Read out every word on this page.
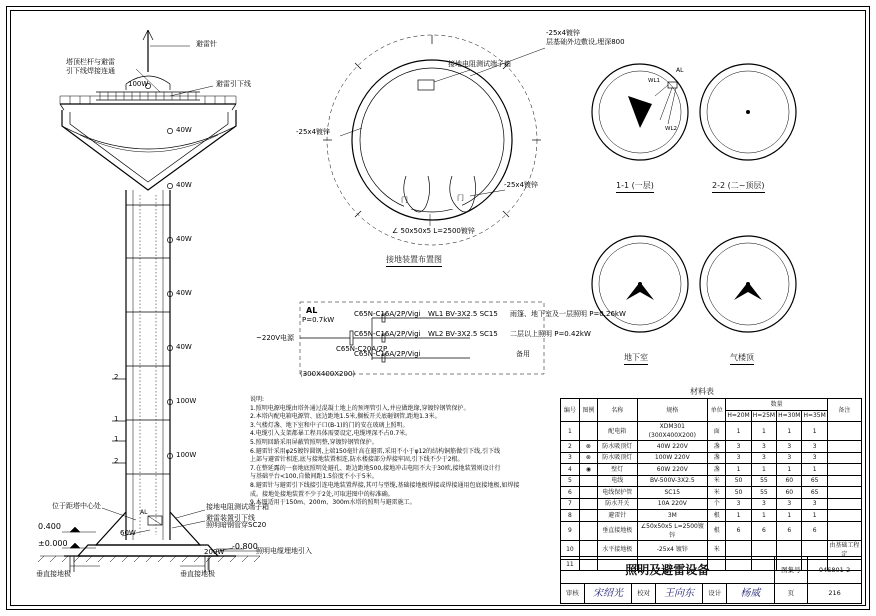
AL
避雷针
避雷引下线
100W
塔顶栏杆与避雷
引下线焊接连通
40W
40W
40W
40W
40W
100W
100W
2
2
1
1
位于距塔中心处
60W
接地电阻测试端子箱
避雷装置引下线
照明暗钢管穿SC20
0.400
±0.000	-0.800
200W
垂直接地极	垂直接地极
照明电缆埋地引入
-25x4镀锌
层基础外边敷设,埋深800
接地电阻测试端子箱
-25x4镀锌
-25x4镀锌
门	门
∠ 50x50x5 L=2500镀锌
接地装置布置图
AL
WL1
WL2
1-1 (一层)	2-2 (二~顶层)
地下室	气楼顶
AL
P=0.7kW
~220V电源
C65N-C20A/2P
C65N-C16A/2P/Vigi
C65N-C16A/2P/Vigi
C65N-C16A/2P/Vigi
WL1 BV-3X2.5 SC15
WL2 BV-3X2.5 SC15
备用
雨篷、地下室及一层照明 P=0.26kW
二层以上照明 P=0.42kW
(300X400X200)
说明:
1.照明电源电缆由塔外通过混凝土地上的预埋管引入,并应做绝缘,穿镀锌钢管保护。
2.本塔内配电箱电源管、底边距地1.5米,搁板开关底砸钢管,距地1.3米。
3.气楼灯盏、地下室和中子口(B-1)的门的安在玻璃上照明。
4.电缆引入支架都暴工程具体需要设定,电缆埋深不占0.7米。
5.照明回路采用屏蔽管照明整,穿镀锌钢管保护。
6.避雷针采用φ25镀锌圆钢,上端150毫针高在避雷,采用不小于φ12的结构铜筋做引下线,引下线
上部与避雷针相连,底与接地装置相连,防水楼接部分焊接牢固,引下线不少于2根。
7.在整延露的一套地底照明处避孔、距边距地500,接地冲击电阻不大于30欧,接地装置则设计行
与基础平台<100,自做间距1.5倍度不小于5米。
8.避雷针与避雷引下线接引连电地装置焊接,其可与型缆,基础接地极焊接或焊接通用包底接地极,如焊接
成。接地处接地装置不少于2处,可取进图中的标准确。
9.本图适用于150m、200m、300m水塔的照明与避雷施工。
材料表
编号	图例	名称	规格	单位	数量				备注
					H=20M	H=25M	H=30M	H=35M	
1		配电箱	XDM301 (300X400X200)	面	1	1	1	1	
2	⊗	防水吸顶灯	40W 220V	盏	3	3	3	3	
3	⊗	防水吸顶灯	100W 220V	盏	3	3	3	3	
4	◉	壁灯	60W 220V	盏	1	1	1	1	
5		电线	BV-500V-3X2.5	米	50	55	60	65	
6		电线保护管	SC15	米	50	55	60	65	
7		防水开关	10A 220V	个	3	3	3	3	
8		避雷针	3M	根	1	1	1	1	
9		垂直接地极	∠50x50x5 L=2500镀锌	根	6	6	6	6	
10		水平接地极	-25x4 镀锌	米					由基础工程定
11										照明及避雷设备						图集号	04S801-2
审核	宋绍光	校对	王向东	设计	杨威	页	216
